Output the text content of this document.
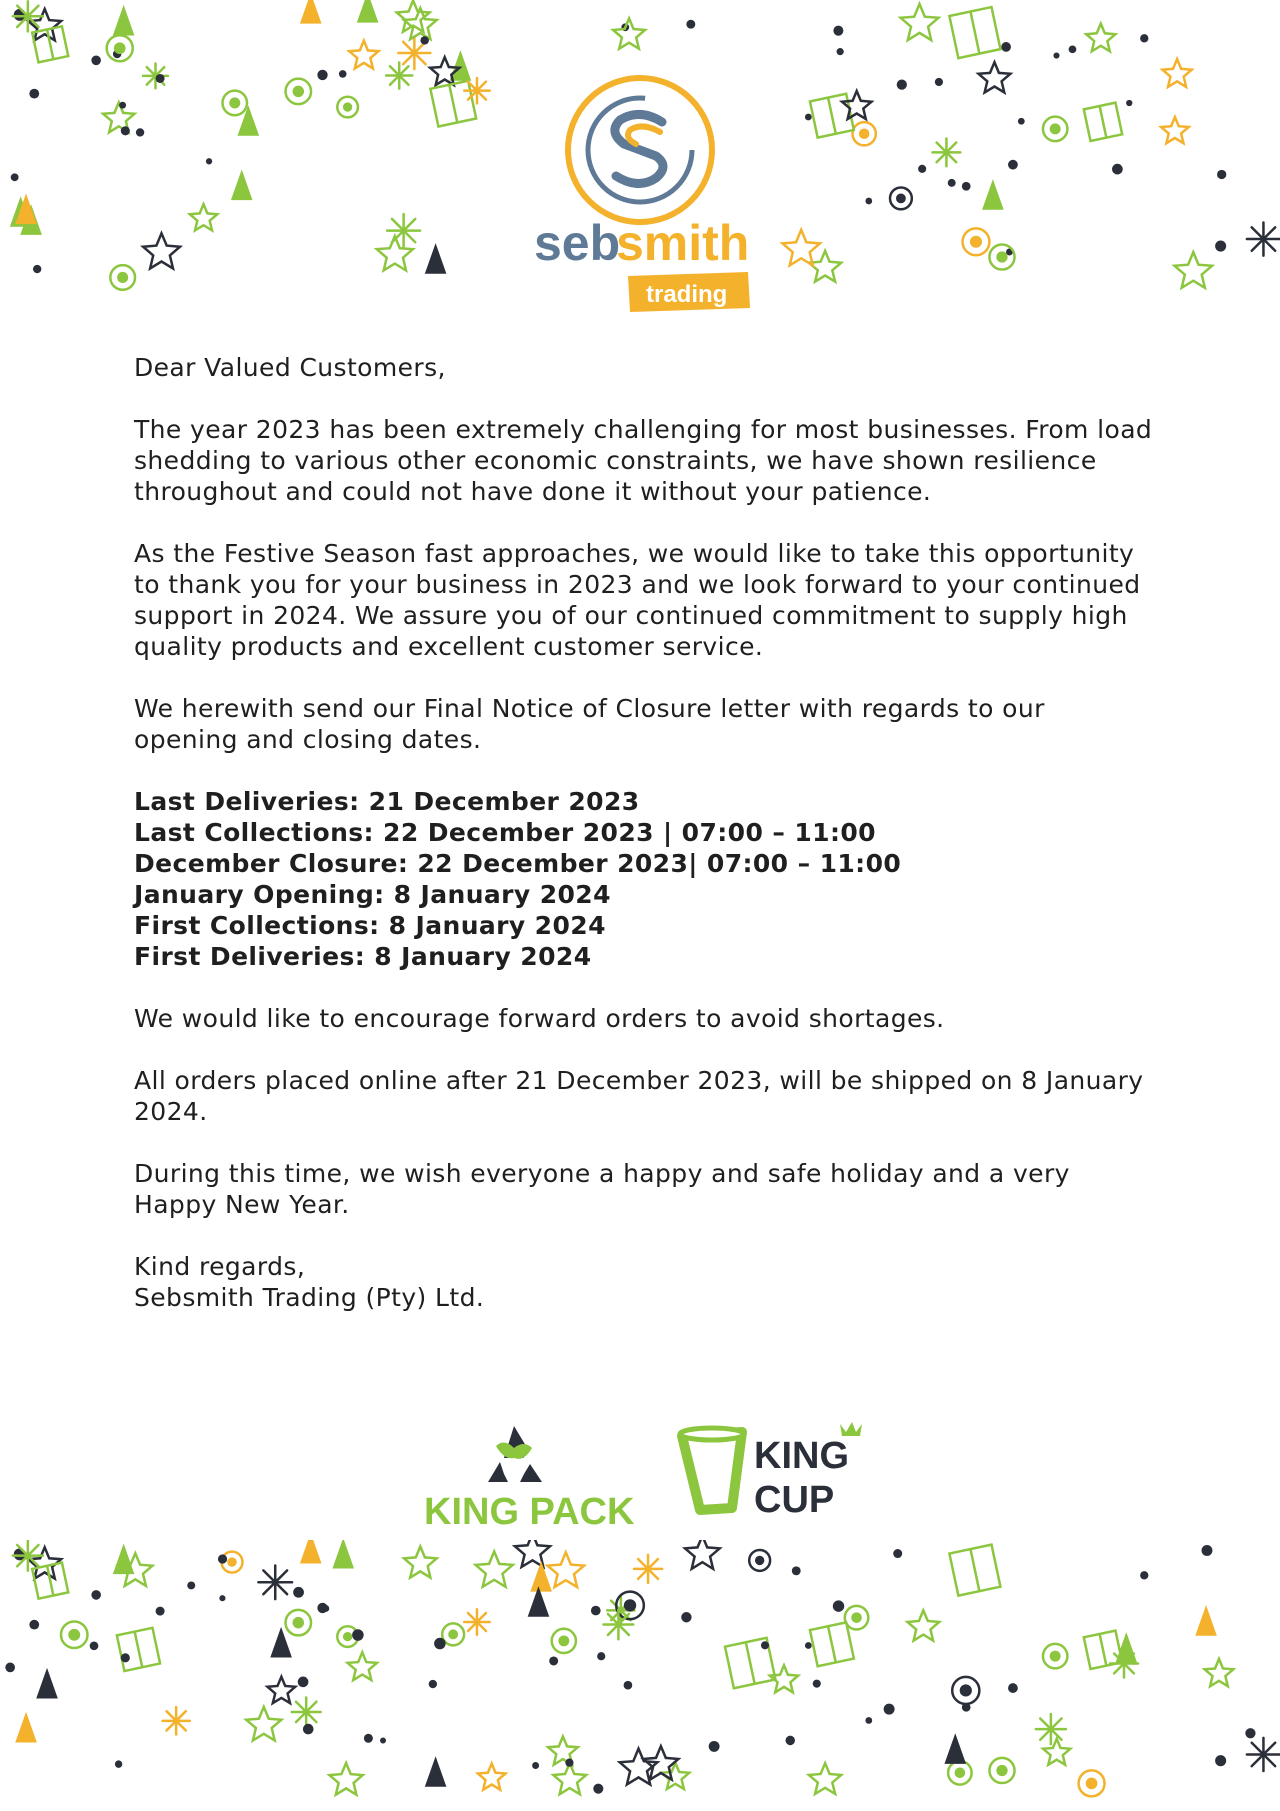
seb
smith
trading

Dear Valued Customers,

The year 2023 has been extremely challenging for most businesses. From load shedding to various other economic constraints, we have shown resilience throughout and could not have done it without your patience.

As the Festive Season fast approaches, we would like to take this opportunity to thank you for your business in 2023 and we look forward to your continued support in 2024. We assure you of our continued commitment to supply high quality products and excellent customer service.

We herewith send our Final Notice of Closure letter with regards to our opening and closing dates.

Last Deliveries: 21 December 2023
Last Collections: 22 December 2023 | 07:00 – 11:00
December Closure: 22 December 2023| 07:00 – 11:00
January Opening: 8 January 2024
First Collections: 8 January 2024
First Deliveries: 8 January 2024

We would like to encourage forward orders to avoid shortages.

All orders placed online after 21 December 2023, will be shipped on 8 January 2024.

During this time, we wish everyone a happy and safe holiday and a very Happy New Year.

Kind regards,
Sebsmith Trading (Pty) Ltd.
KING PACK
KING
CUP
